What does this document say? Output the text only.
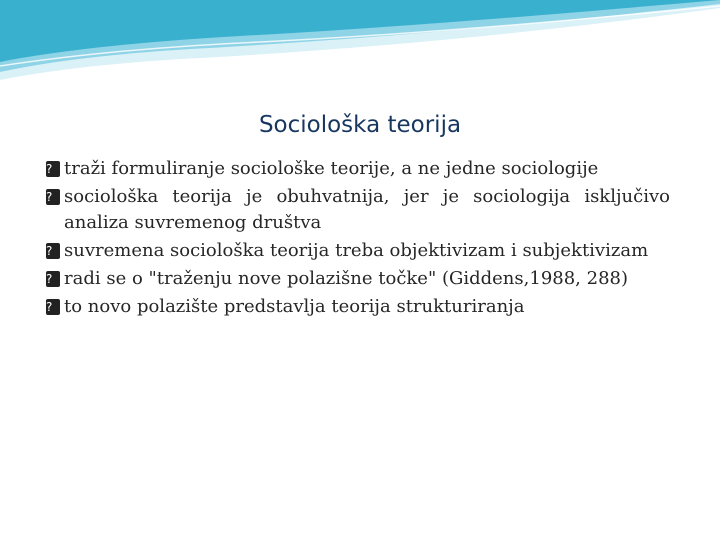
Sociološka teorija
? traži formuliranje sociološke teorije, a ne jedne sociologije
? sociološka teorija je obuhvatnija, jer je sociologija isključivo analiza suvremenog društva
? suvremena sociološka teorija treba objektivizam i subjektivizam
? radi se o "traženju nove polazišne točke" (Giddens,1988, 288)
? to novo polazište predstavlja teorija strukturiranja
